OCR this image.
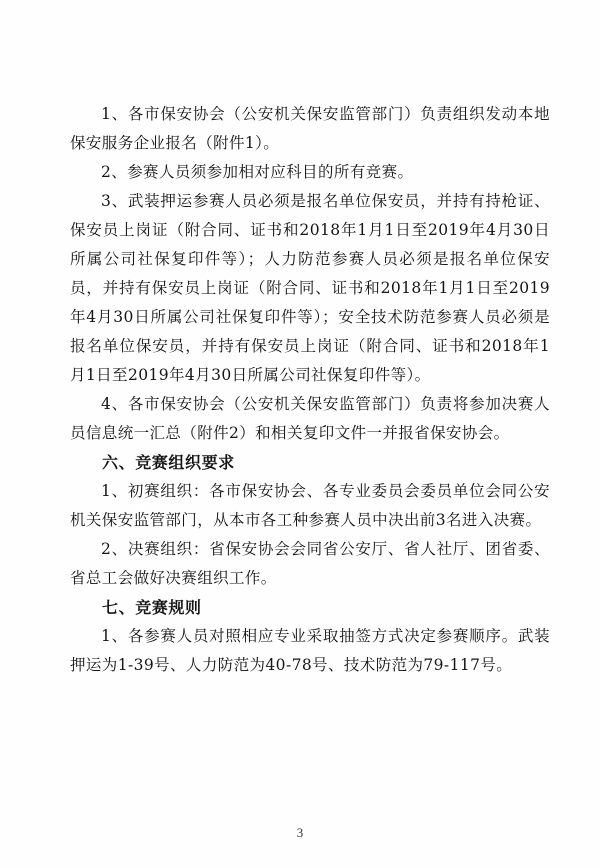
1、各市保安协会（公安机关保安监管部门）负责组织发动本地保安服务企业报名（附件1）。

2、参赛人员须参加相对应科目的所有竞赛。

3、武装押运参赛人员必须是报名单位保安员，并持有持枪证、保安员上岗证（附合同、证书和2018年1月1日至2019年4月30日所属公司社保复印件等）；人力防范参赛人员必须是报名单位保安员，并持有保安员上岗证（附合同、证书和2018年1月1日至2019年4月30日所属公司社保复印件等）；安全技术防范参赛人员必须是报名单位保安员，并持有保安员上岗证（附合同、证书和2018年1月1日至2019年4月30日所属公司社保复印件等）。

4、各市保安协会（公安机关保安监管部门）负责将参加决赛人员信息统一汇总（附件2）和相关复印文件一并报省保安协会。

六、竞赛组织要求

1、初赛组织：各市保安协会、各专业委员会委员单位会同公安机关保安监管部门，从本市各工种参赛人员中决出前3名进入决赛。

2、决赛组织：省保安协会会同省公安厅、省人社厅、团省委、省总工会做好决赛组织工作。

七、竞赛规则

1、各参赛人员对照相应专业采取抽签方式决定参赛顺序。武装押运为1-39号、人力防范为40-78号、技术防范为79-117号。

3
